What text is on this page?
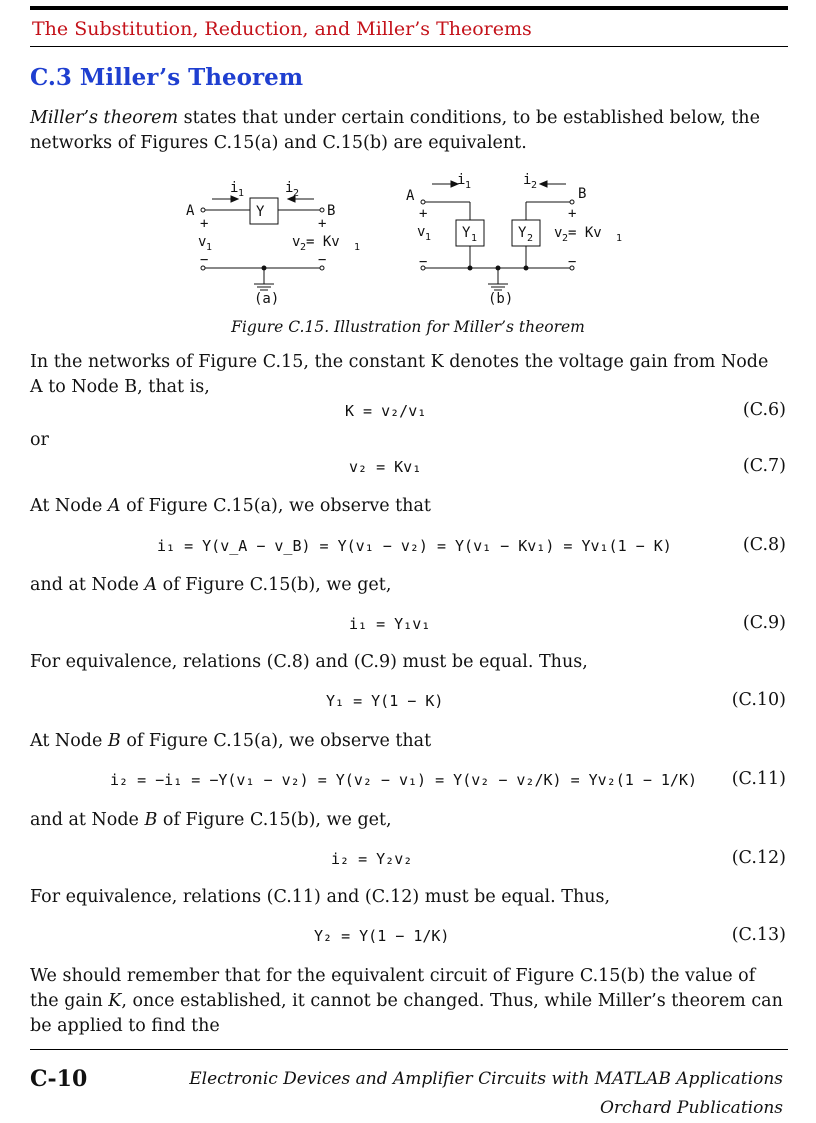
The Substitution, Reduction, and Miller’s Theorems
C.3 Miller’s Theorem
Miller’s theorem states that under certain conditions, to be established below, the networks of Figures C.15(a) and C.15(b) are equivalent.
A	B
Y
i 1	i 2
+	+
v 1	v 2 = Kv 1
−	−
(a)
A	B
Y 1	Y 2
i 1	i 2
+	+
v 1	v 2 = Kv 1
−	−
(b)
Figure C.15. Illustration for Miller’s theorem
In the networks of Figure C.15, the constant K denotes the voltage gain from Node A to Node B, that is,
K = v₂/v₁	(C.6)
or
v₂ = Kv₁	(C.7)
At Node A of Figure C.15(a), we observe that
i₁ = Y(v_A − v_B) = Y(v₁ − v₂) = Y(v₁ − Kv₁) = Yv₁(1 − K)	(C.8)
and at Node A of Figure C.15(b), we get,
i₁ = Y₁v₁	(C.9)
For equivalence, relations (C.8) and (C.9) must be equal. Thus,
Y₁ = Y(1 − K)	(C.10)
At Node B of Figure C.15(a), we observe that
i₂ = −i₁ = −Y(v₁ − v₂) = Y(v₂ − v₁) = Y(v₂ − v₂/K) = Yv₂(1 − 1/K) (C.11)
and at Node B of Figure C.15(b), we get,
i₂ = Y₂v₂	(C.12)
For equivalence, relations (C.11) and (C.12) must be equal. Thus,
Y₂ = Y(1 − 1/K)	(C.13)
We should remember that for the equivalent circuit of Figure C.15(b) the value of the gain K, once established, it cannot be changed. Thus, while Miller’s theorem can be applied to find the
C-10	Electronic Devices and Amplifier Circuits with MATLAB Applications
Orchard Publications
